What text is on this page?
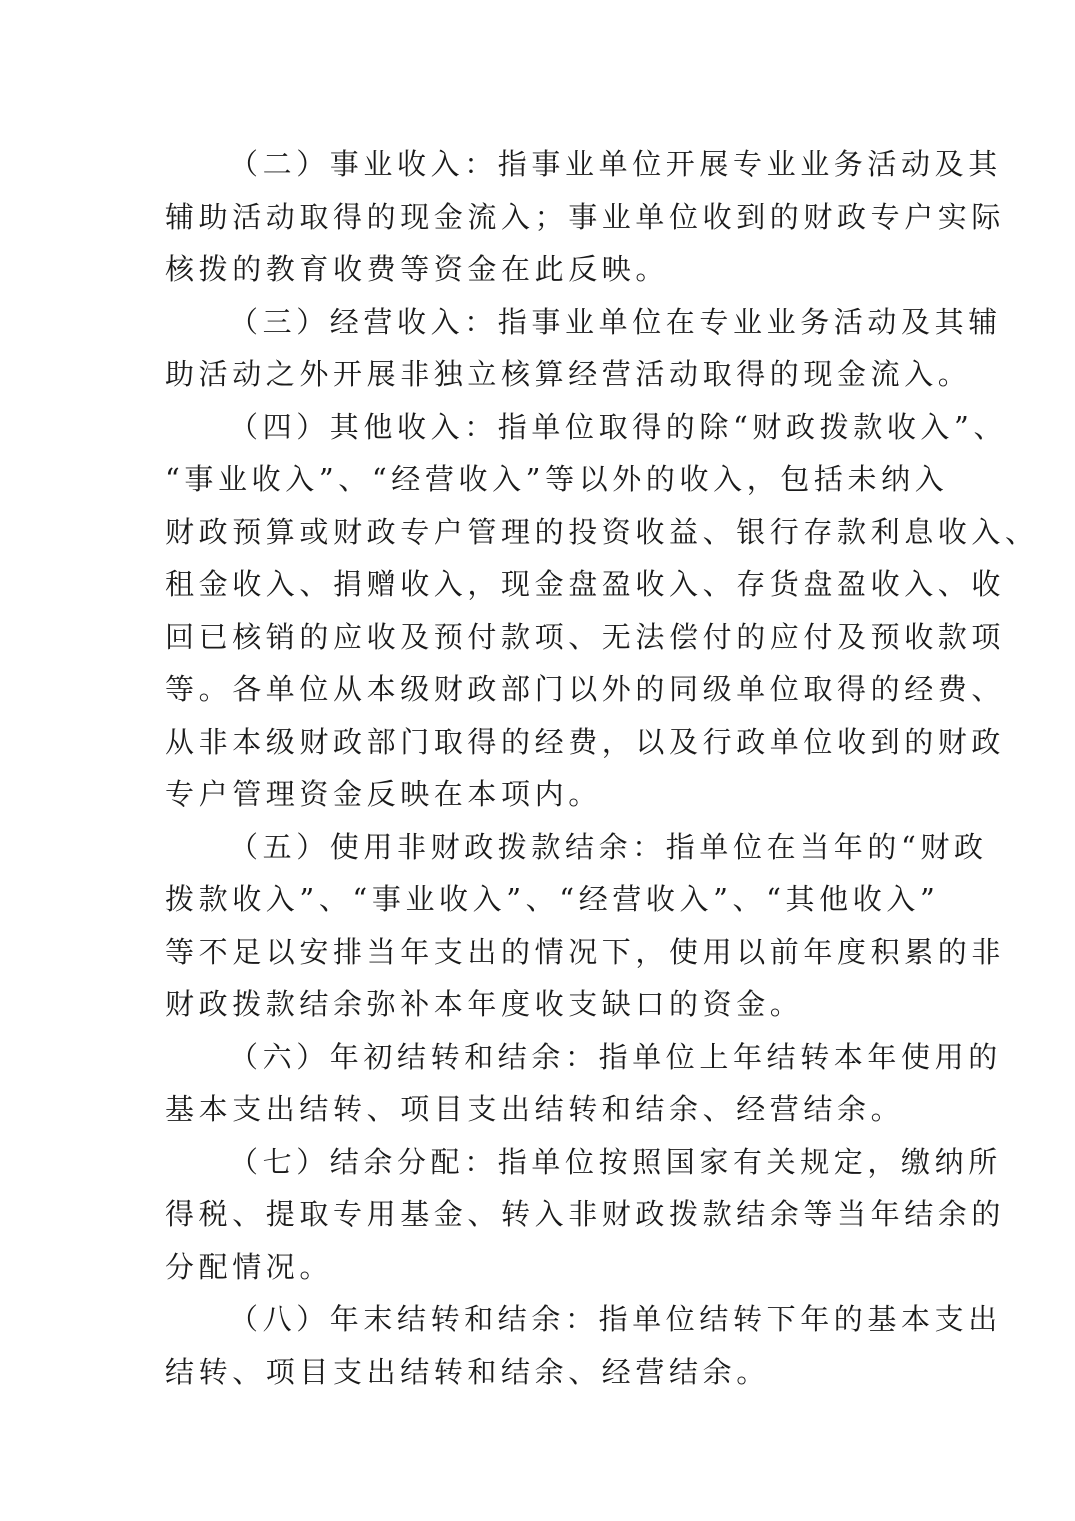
（二）事业收入：指事业单位开展专业业务活动及其
辅助活动取得的现金流入；事业单位收到的财政专户实际
核拨的教育收费等资金在此反映。
（三）经营收入：指事业单位在专业业务活动及其辅
助活动之外开展非独立核算经营活动取得的现金流入。
（四）其他收入：指单位取得的除“财政拨款收入”、
“事业收入”、“经营收入”等以外的收入，包括未纳入
财政预算或财政专户管理的投资收益、银行存款利息收入、
租金收入、捐赠收入，现金盘盈收入、存货盘盈收入、收
回已核销的应收及预付款项、无法偿付的应付及预收款项
等。各单位从本级财政部门以外的同级单位取得的经费、
从非本级财政部门取得的经费，以及行政单位收到的财政
专户管理资金反映在本项内。
（五）使用非财政拨款结余：指单位在当年的“财政
拨款收入”、“事业收入”、“经营收入”、“其他收入”
等不足以安排当年支出的情况下，使用以前年度积累的非
财政拨款结余弥补本年度收支缺口的资金。
（六）年初结转和结余：指单位上年结转本年使用的
基本支出结转、项目支出结转和结余、经营结余。
（七）结余分配：指单位按照国家有关规定，缴纳所
得税、提取专用基金、转入非财政拨款结余等当年结余的
分配情况。
（八）年末结转和结余：指单位结转下年的基本支出
结转、项目支出结转和结余、经营结余。
